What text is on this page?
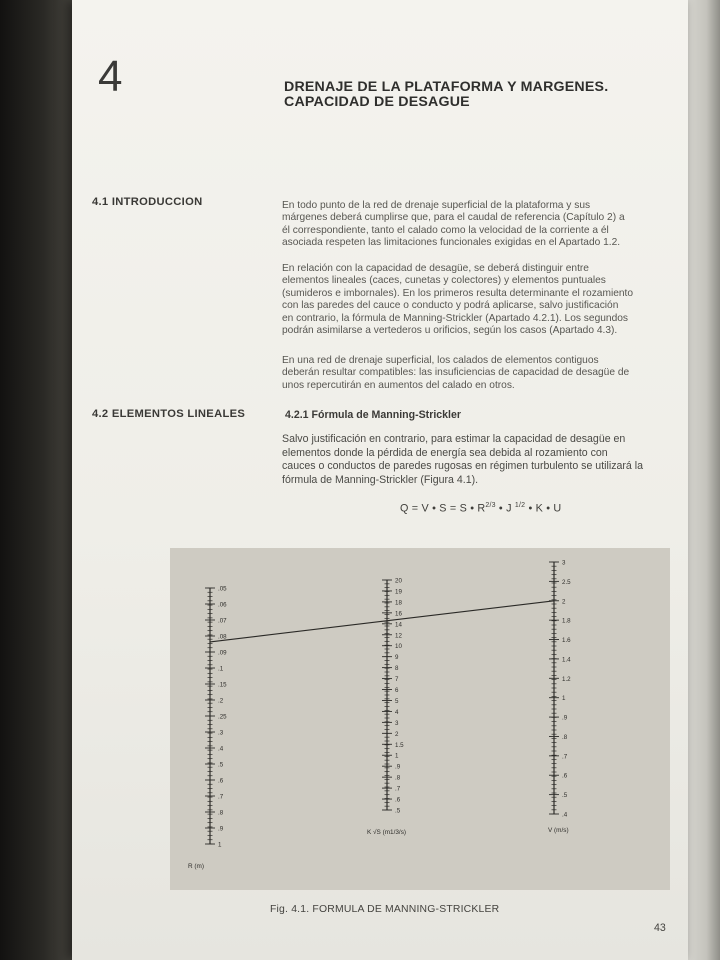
4	DRENAJE DE LA PLATAFORMA Y MARGENES.
CAPACIDAD DE DESAGUE
4.1 INTRODUCCION	En todo punto de la red de drenaje superficial de la plataforma y sus
márgenes deberá cumplirse que, para el caudal de referencia (Capítulo 2) a
él correspondiente, tanto el calado como la velocidad de la corriente a él
asociada respeten las limitaciones funcionales exigidas en el Apartado 1.2.
En relación con la capacidad de desagüe, se deberá distinguir entre
elementos lineales (caces, cunetas y colectores) y elementos puntuales
(sumideros e imbornales). En los primeros resulta determinante el rozamiento
con las paredes del cauce o conducto y podrá aplicarse, salvo justificación
en contrario, la fórmula de Manning-Strickler (Apartado 4.2.1). Los segundos
podrán asimilarse a vertederos u orificios, según los casos (Apartado 4.3).
En una red de drenaje superficial, los calados de elementos contiguos
deberán resultar compatibles: las insuficiencias de capacidad de desagüe de
unos repercutirán en aumentos del calado en otros.
4.2 ELEMENTOS LINEALES	4.2.1 Fórmula de Manning-Strickler
Salvo justificación en contrario, para estimar la capacidad de desagüe en
elementos donde la pérdida de energía sea debida al rozamiento con
cauces o conductos de paredes rugosas en régimen turbulento se utilizará la
fórmula de Manning-Strickler (Figura 4.1).
Q = V • S = S • $R^{2/3}$ • J $^{1/2}$ • K • U
.05
.06
.07
.08
.09
.1
.15
.2
.25
.3
.4
.5
.6
.7
.8
.9
1
R (m)
20
19
18
16
14
12
10
9
8
7
6
5
4
3
2
1.5
1
.9
.8
.7
.6
.5
K √S (m1/3/s)
3
2.5
2
1.8
1.6
1.4
1.2
1
.9
.8
.7
.6
.5
.4
V (m/s)
Fig. 4.1. FORMULA DE MANNING-STRICKLER
43
